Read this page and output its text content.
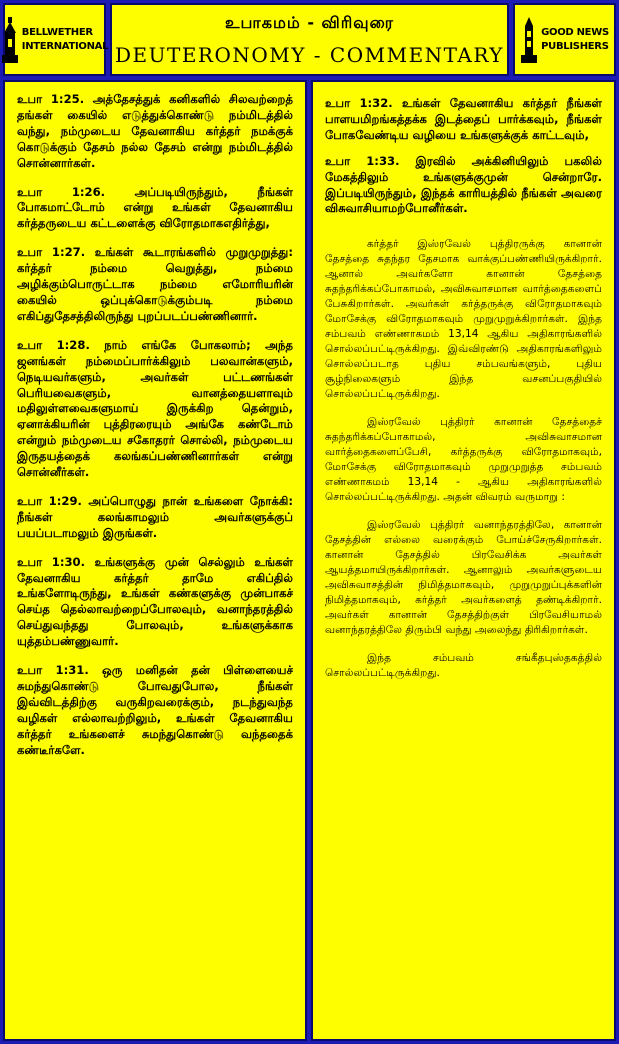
BELLWETHER
INTERNATIONAL
உபாகமம் - விரிவுரை
DEUTERONOMY - COMMENTARY
GOOD NEWS
PUBLISHERS

உபா 1:25. அத்தேசத்துக் கனிகளில் சிலவற்றைத் தங்கள் கையில் எடுத்துக்கொண்டு நம்மிடத்தில் வந்து, நம்முடைய தேவனாகிய கர்த்தர் நமக்குக் கொடுக்கும் தேசம் நல்ல தேசம் என்று நம்மிடத்தில் சொன்னார்கள்.

உபா 1:26. அப்படியிருந்தும், நீங்கள் போகமாட்டோம் என்று உங்கள் தேவனாகிய கர்த்தருடைய கட்டளைக்கு விரோதமாகஎதிர்த்து,

உபா 1:27. உங்கள் கூடாரங்களில் முறுமுறுத்து: கர்த்தர் நம்மை வெறுத்து, நம்மை அழிக்கும்பொருட்டாக நம்மை எமோரியரின் கையில் ஒப்புக்கொடுக்கும்படி நம்மை எகிப்துதேசத்திலிருந்து புறப்படப்பண்ணினார்.

உபா 1:28. நாம் எங்கே போகலாம்; அந்த ஜனங்கள் நம்மைப்பார்க்கிலும் பலவான்களும், நெடியவர்களும், அவர்கள் பட்டணங்கள் பெரியவைகளும், வானத்தையளாவும் மதிலுள்ளவைகளுமாய் இருக்கிற தென்றும், ஏனாக்கியரின் புத்திரரையும் அங்கே கண்டோம் என்றும் நம்முடைய சகோதரர் சொல்லி, நம்முடைய இருதயத்தைக் கலங்கப்பண்ணினார்கள் என்று சொன்னீர்கள்.

உபா 1:29. அப்பொழுது நான் உங்களை நோக்கி: நீங்கள் கலங்காமலும் அவர்களுக்குப் பயப்படாமலும் இருங்கள்.

உபா 1:30. உங்களுக்கு முன் செல்லும் உங்கள் தேவனாகிய கர்த்தர் தாமே எகிப்தில் உங்களோடிருந்து, உங்கள் கண்களுக்கு முன்பாகச் செய்த தெல்லாவற்றைப்போலவும், வனாந்தரத்தில் செய்துவந்தது போலவும், உங்களுக்காக யுத்தம்பண்ணுவார்.

உபா 1:31. ஒரு மனிதன் தன் பிள்ளையைச் சுமந்துகொண்டு போவதுபோல, நீங்கள் இவ்விடத்திற்கு வருகிறவரைக்கும், நடந்துவந்த வழிகள் எல்லாவற்றிலும், உங்கள் தேவனாகிய கர்த்தர் உங்களைச் சுமந்துகொண்டு வந்ததைக் கண்டீர்களே.

உபா 1:32. உங்கள் தேவனாகிய கர்த்தர் நீங்கள் பாளயமிறங்கத்தக்க இடத்தைப் பார்க்கவும், நீங்கள் போகவேண்டிய வழியை உங்களுக்குக் காட்டவும்,

உபா 1:33. இரவில் அக்கினியிலும் பகலில் மேகத்திலும் உங்களுக்குமுன் சென்றாரே. இப்படியிருந்தும், இந்தக் காரியத்தில் நீங்கள் அவரை விசுவாசியாமற்போனீர்கள்.

கர்த்தர் இஸ்ரவேல் புத்திரருக்கு கானான் தேசத்தை சுதந்தர தேசமாக வாக்குப்பண்ணியிருக்கிறார். ஆனால் அவர்களோ கானான் தேசத்தை சுதந்தரிக்கப்போகாமல், அவிசுவாசமான வார்த்தைகளைப் பேசுகிறார்கள். அவர்கள் கர்த்தருக்கு விரோதமாகவும் மோசேக்கு விரோதமாகவும் முறுமுறுக்கிறார்கள். இந்த சம்பவம் எண்ணாகமம் 13,14 ஆகிய அதிகாரங்களில் சொல்லப்பட்டிருக்கிறது. இவ்விரண்டு அதிகாரங்களிலும் சொல்லப்படாத புதிய சம்பவங்களும், புதிய சூழ்நிலைகளும் இந்த வசனப்பகுதியில் சொல்லப்பட்டிருக்கிறது.

இஸ்ரவேல் புத்திரர் கானான் தேசத்தைச் சுதந்தரிக்கப்போகாமல், அவிசுவாசமான வார்த்தைகளைப்பேசி, கர்த்தருக்கு விரோதமாகவும், மோசேக்கு விரோதமாகவும் முறுமுறுத்த சம்பவம் எண்ணாகமம் 13,14 - ஆகிய அதிகாரங்களில் சொல்லப்பட்டிருக்கிறது. அதன் விவரம் வருமாறு :

இஸ்ரவேல் புத்திரர் வனாந்தரத்திலே, கானான் தேசத்தின் எல்லை வரைக்கும் போய்ச்சேருகிறார்கள். கானான் தேசத்தில் பிரவேசிக்க அவர்கள் ஆயத்தமாயிருக்கிறார்கள். ஆனாலும் அவர்களுடைய அவிசுவாசத்தின் நிமித்தமாகவும், முறுமுறுப்புக்களின் நிமித்தமாகவும், கர்த்தர் அவர்களைத் தண்டிக்கிறார். அவர்கள் கானான் தேசத்திற்குள் பிரவேசியாமல் வனாந்தரத்திலே திரும்பி வந்து அலைந்து திரிகிறார்கள்.

இந்த சம்பவம் சங்கீதபுஸ்தகத்தில் சொல்லப்பட்டிருக்கிறது.
